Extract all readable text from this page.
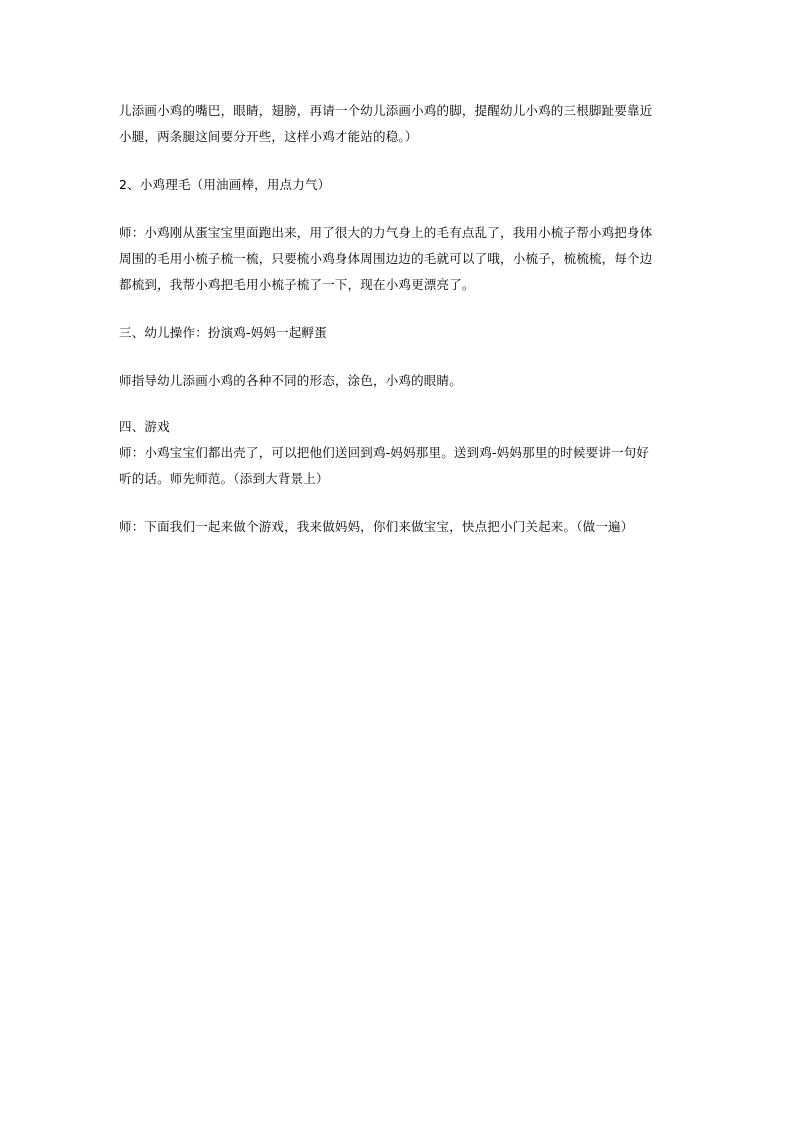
儿添画小鸡的嘴巴，眼睛，翅膀，再请一个幼儿添画小鸡的脚，提醒幼儿小鸡的三根脚趾要靠近
小腿，两条腿这间要分开些，这样小鸡才能站的稳。）

2、小鸡理毛（用油画棒，用点力气）

师：小鸡刚从蛋宝宝里面跑出来，用了很大的力气身上的毛有点乱了，我用小梳子帮小鸡把身体
周围的毛用小梳子梳一梳，只要梳小鸡身体周围边边的毛就可以了哦，小梳子，梳梳梳，每个边
都梳到，我帮小鸡把毛用小梳子梳了一下，现在小鸡更漂亮了。

三、幼儿操作：扮演鸡-妈妈一起孵蛋

师指导幼儿添画小鸡的各种不同的形态，涂色，小鸡的眼睛。

四、游戏
师：小鸡宝宝们都出壳了，可以把他们送回到鸡-妈妈那里。送到鸡-妈妈那里的时候要讲一句好
听的话。师先师范。（添到大背景上）

师：下面我们一起来做个游戏，我来做妈妈，你们来做宝宝，快点把小门关起来。（做一遍）
